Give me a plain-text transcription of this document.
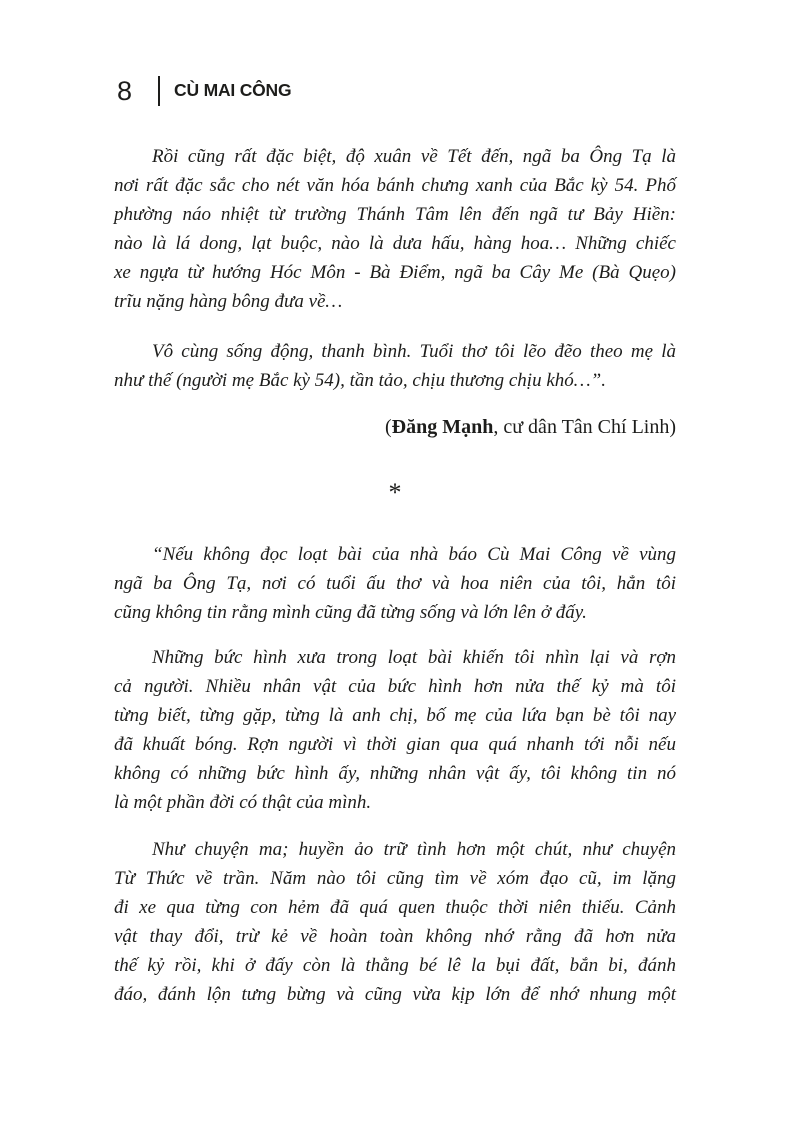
8 CÙ MAI CÔNG
Rồi cũng rất đặc biệt, độ xuân về Tết đến, ngã ba Ông Tạ là
nơi rất đặc sắc cho nét văn hóa bánh chưng xanh của Bắc kỳ 54. Phố
phường náo nhiệt từ trường Thánh Tâm lên đến ngã tư Bảy Hiền:
nào là lá dong, lạt buộc, nào là dưa hấu, hàng hoa… Những chiếc
xe ngựa từ hướng Hóc Môn - Bà Điểm, ngã ba Cây Me (Bà Quẹo)
trĩu nặng hàng bông đưa về…
Vô cùng sống động, thanh bình. Tuổi thơ tôi lẽo đẽo theo mẹ là
như thế (người mẹ Bắc kỳ 54), tần tảo, chịu thương chịu khó…”.
(Đăng Mạnh, cư dân Tân Chí Linh)
*
“Nếu không đọc loạt bài của nhà báo Cù Mai Công về vùng
ngã ba Ông Tạ, nơi có tuổi ấu thơ và hoa niên của tôi, hẳn tôi
cũng không tin rằng mình cũng đã từng sống và lớn lên ở đấy.
Những bức hình xưa trong loạt bài khiến tôi nhìn lại và rợn
cả người. Nhiều nhân vật của bức hình hơn nửa thế kỷ mà tôi
từng biết, từng gặp, từng là anh chị, bố mẹ của lứa bạn bè tôi nay
đã khuất bóng. Rợn người vì thời gian qua quá nhanh tới nỗi nếu
không có những bức hình ấy, những nhân vật ấy, tôi không tin nó
là một phần đời có thật của mình.
Như chuyện ma; huyền ảo trữ tình hơn một chút, như chuyện
Từ Thức về trần. Năm nào tôi cũng tìm về xóm đạo cũ, im lặng
đi xe qua từng con hẻm đã quá quen thuộc thời niên thiếu. Cảnh
vật thay đổi, trừ kẻ về hoàn toàn không nhớ rằng đã hơn nửa
thế kỷ rồi, khi ở đấy còn là thằng bé lê la bụi đất, bắn bi, đánh
đáo, đánh lộn tưng bừng và cũng vừa kịp lớn để nhớ nhung một
